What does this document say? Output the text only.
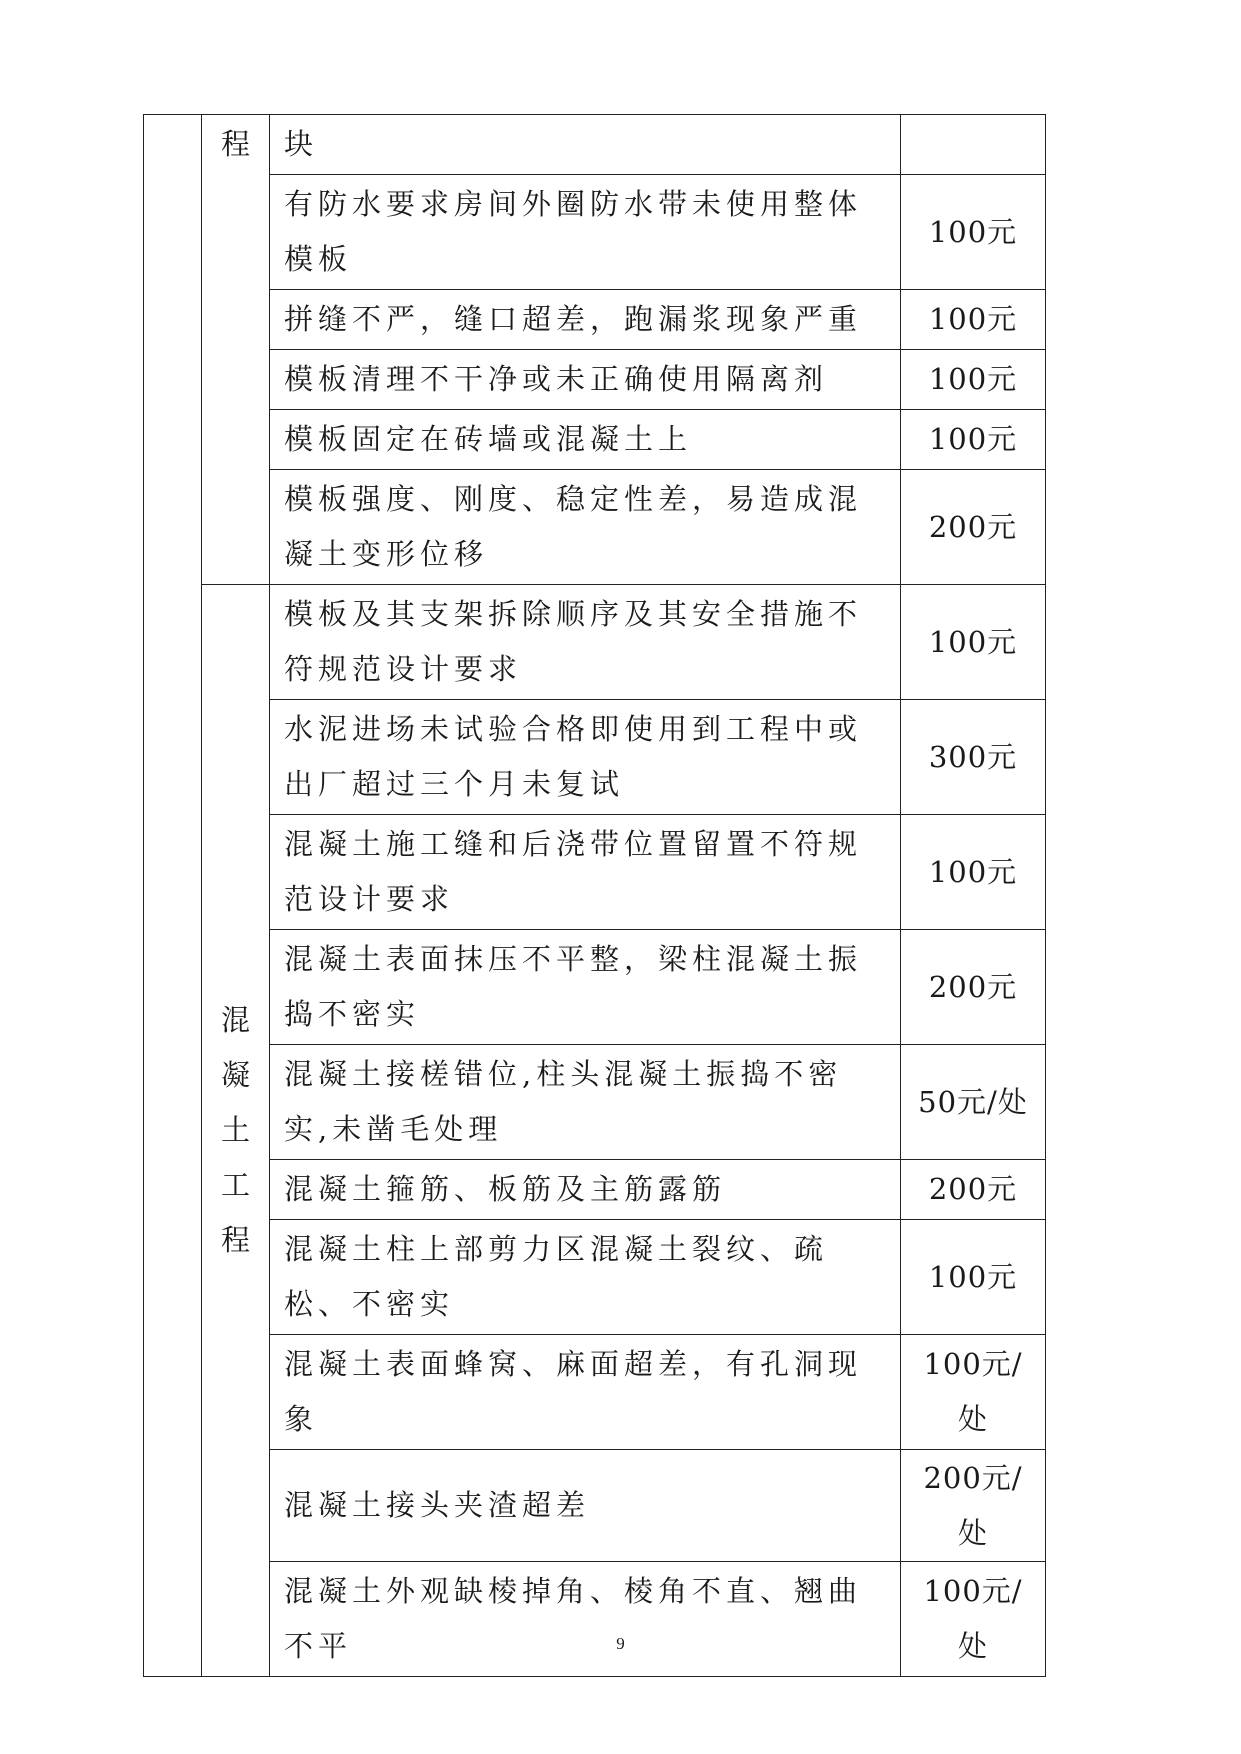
	程	块	
		有防水要求房间外圈防水带未使用整体模板	100元
		拼缝不严，缝口超差，跑漏浆现象严重	100元
		模板清理不干净或未正确使用隔离剂	100元
		模板固定在砖墙或混凝土上	100元
		模板强度、刚度、稳定性差，易造成混凝土变形位移	200元
	混凝土工程	模板及其支架拆除顺序及其安全措施不符规范设计要求	100元
		水泥进场未试验合格即使用到工程中或出厂超过三个月未复试	300元
		混凝土施工缝和后浇带位置留置不符规范设计要求	100元
		混凝土表面抹压不平整，梁柱混凝土振捣不密实	200元
		混凝土接槎错位,柱头混凝土振捣不密实,未凿毛处理	50元/处
		混凝土箍筋、板筋及主筋露筋	200元
		混凝土柱上部剪力区混凝土裂纹、疏松、不密实	100元
		混凝土表面蜂窝、麻面超差，有孔洞现象	100元/处
		混凝土接头夹渣超差	200元/处
		混凝土外观缺棱掉角、棱角不直、翘曲不平	100元/处
9
